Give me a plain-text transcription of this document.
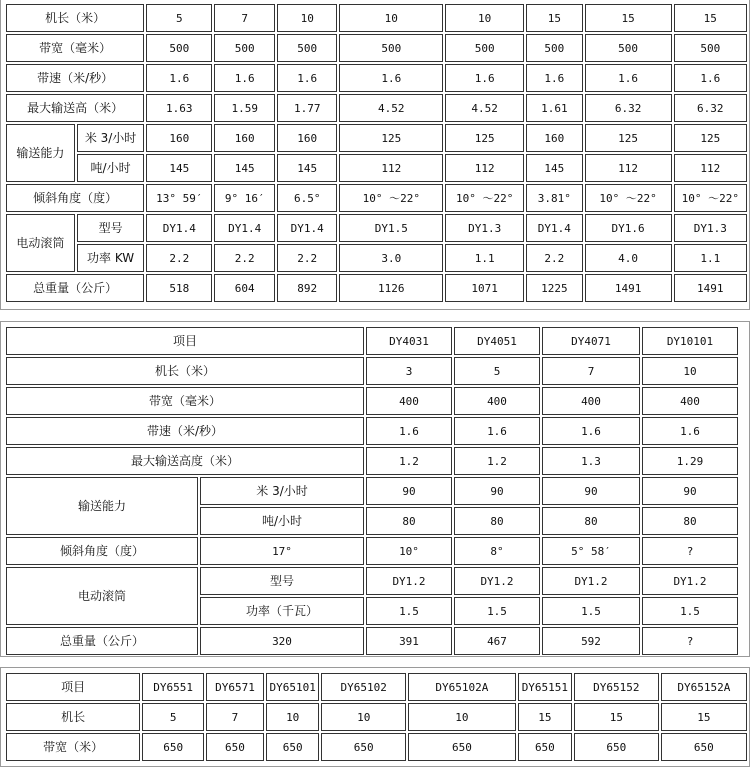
机长（米）		5	7	10	10	10	15	15	15
带宽（毫米）		500	500	500	500	500	500	500	500
带速（米/秒）		1.6	1.6	1.6	1.6	1.6	1.6	1.6	1.6
最大输送高（米）		1.63	1.59	1.77	4.52	4.52	1.61	6.32	6.32
输送能力	米 3/小时	160	160	160	125	125	160	125	125
	吨/小时	145	145	145	112	112	145	112	112
倾斜角度（度）		13° 59′	9° 16′	6.5°	10° ～22°	10° ～22°	3.81°	10° ～22°	10° ～22°
电动滚筒	型号	DY1.4	DY1.4	DY1.4	DY1.5	DY1.3	DY1.4	DY1.6	DY1.3
	功率 KW	2.2	2.2	2.2	3.0	1.1	2.2	4.0	1.1
总重量（公斤）		518	604	892	1126	1071	1225	1491	1491
项目		DY4031	DY4051	DY4071	DY10101
机长（米）		3	5	7	10
带宽（毫米）		400	400	400	400
带速（米/秒）		1.6	1.6	1.6	1.6
最大输送高度（米）		1.2	1.2	1.3	1.29
输送能力	米 3/小时	90	90	90	90
	吨/小时	80	80	80	80
倾斜角度（度）	17°	10°	8°	5° 58′	?
电动滚筒	型号	DY1.2	DY1.2	DY1.2	DY1.2
	功率（千瓦）	1.5	1.5	1.5	1.5
总重量（公斤）	320	391	467	592	?
项目	DY6551	DY6571	DY65101	DY65102	DY65102A	DY65151	DY65152	DY65152A
机长	5	7	10	10	10	15	15	15
带宽（米）	650	650	650	650	650	650	650	650
